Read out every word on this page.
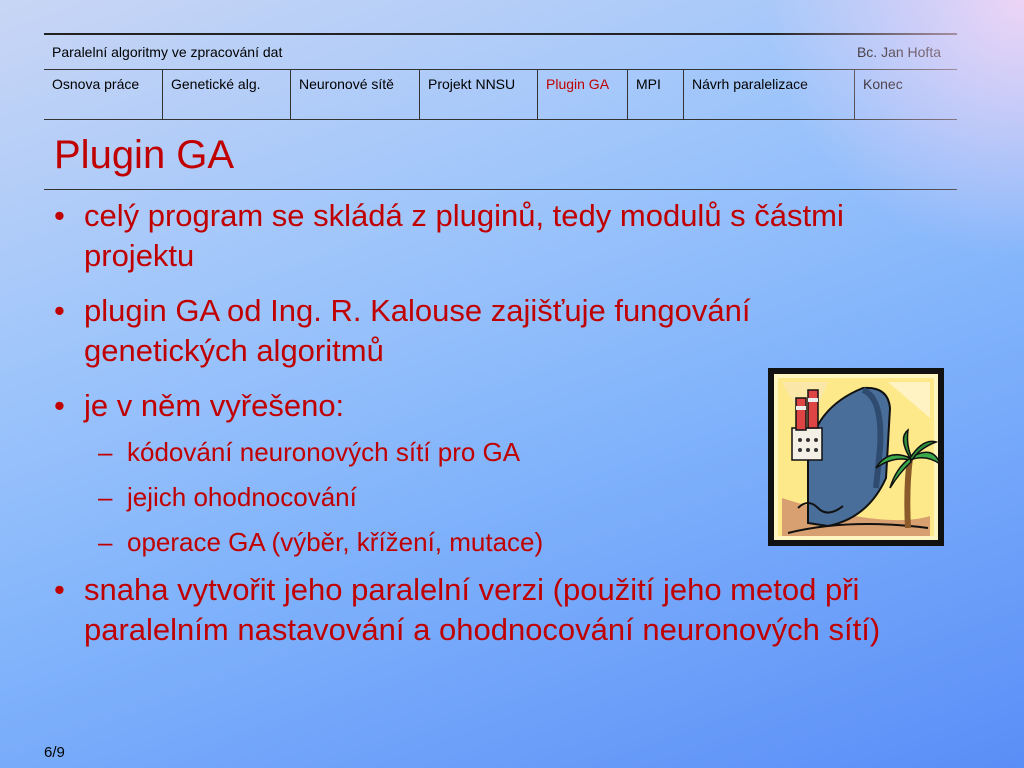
Paralelní algoritmy ve zpracování dat	Bc. Jan Hofta
Osnova práce	Genetické alg.	Neuronové sítě	Projekt NNSU	Plugin GA	MPI	Návrh paralelizace	Konec
Plugin GA
• celý program se skládá z pluginů, tedy modulů s částmi projektu
• plugin GA od Ing. R. Kalouse zajišťuje fungování genetických algoritmů
• je v něm vyřešeno:
– kódování neuronových sítí pro GA
– jejich ohodnocování
– operace GA (výběr, křížení, mutace)
• snaha vytvořit jeho paralelní verzi (použití jeho metod při paralelním nastavování a ohodnocování neuronových sítí)
6/9
